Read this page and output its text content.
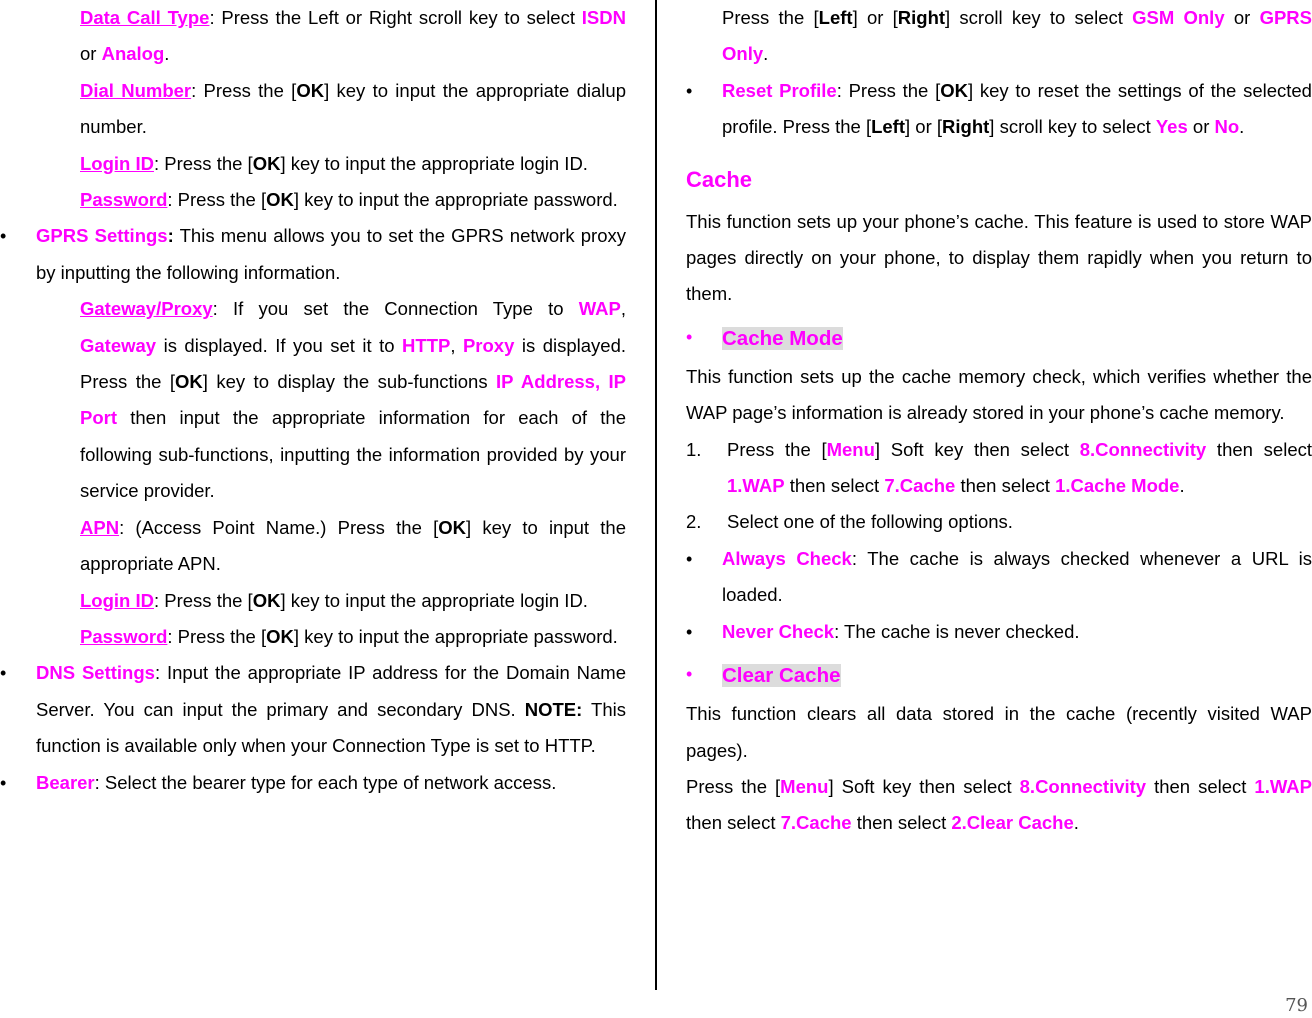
Data Call Type: Press the Left or Right scroll key to select ISDN or Analog.

Dial Number: Press the [OK] key to input the appropriate dialup number.

Login ID: Press the [OK] key to input the appropriate login ID.

Password: Press the [OK] key to input the appropriate password.

• GPRS Settings: This menu allows you to set the GPRS network proxy by inputting the following information.

Gateway/Proxy: If you set the Connection Type to WAP, Gateway is displayed. If you set it to HTTP, Proxy is displayed. Press the [OK] key to display the sub-functions IP Address, IP Port then input the appropriate information for each of the following sub-functions, inputting the information provided by your service provider.

APN: (Access Point Name.) Press the [OK] key to input the appropriate APN.

Login ID: Press the [OK] key to input the appropriate login ID.

Password: Press the [OK] key to input the appropriate password.

• DNS Settings: Input the appropriate IP address for the Domain Name Server. You can input the primary and secondary DNS. NOTE: This function is available only when your Connection Type is set to HTTP.

• Bearer: Select the bearer type for each type of network access.

Press the [Left] or [Right] scroll key to select GSM Only or GPRS Only.

• Reset Profile: Press the [OK] key to reset the settings of the selected profile. Press the [Left] or [Right] scroll key to select Yes or No.

Cache

This function sets up your phone’s cache. This feature is used to store WAP pages directly on your phone, to display them rapidly when you return to them.

• Cache Mode

This function sets up the cache memory check, which verifies whether the WAP page’s information is already stored in your phone’s cache memory.

1. Press the [Menu] Soft key then select 8.Connectivity then select 1.WAP then select 7.Cache then select 1.Cache Mode.

2. Select one of the following options.

• Always Check: The cache is always checked whenever a URL is loaded.

• Never Check: The cache is never checked.

• Clear Cache

This function clears all data stored in the cache (recently visited WAP pages).

Press the [Menu] Soft key then select 8.Connectivity then select 1.WAP then select 7.Cache then select 2.Clear Cache.

79
